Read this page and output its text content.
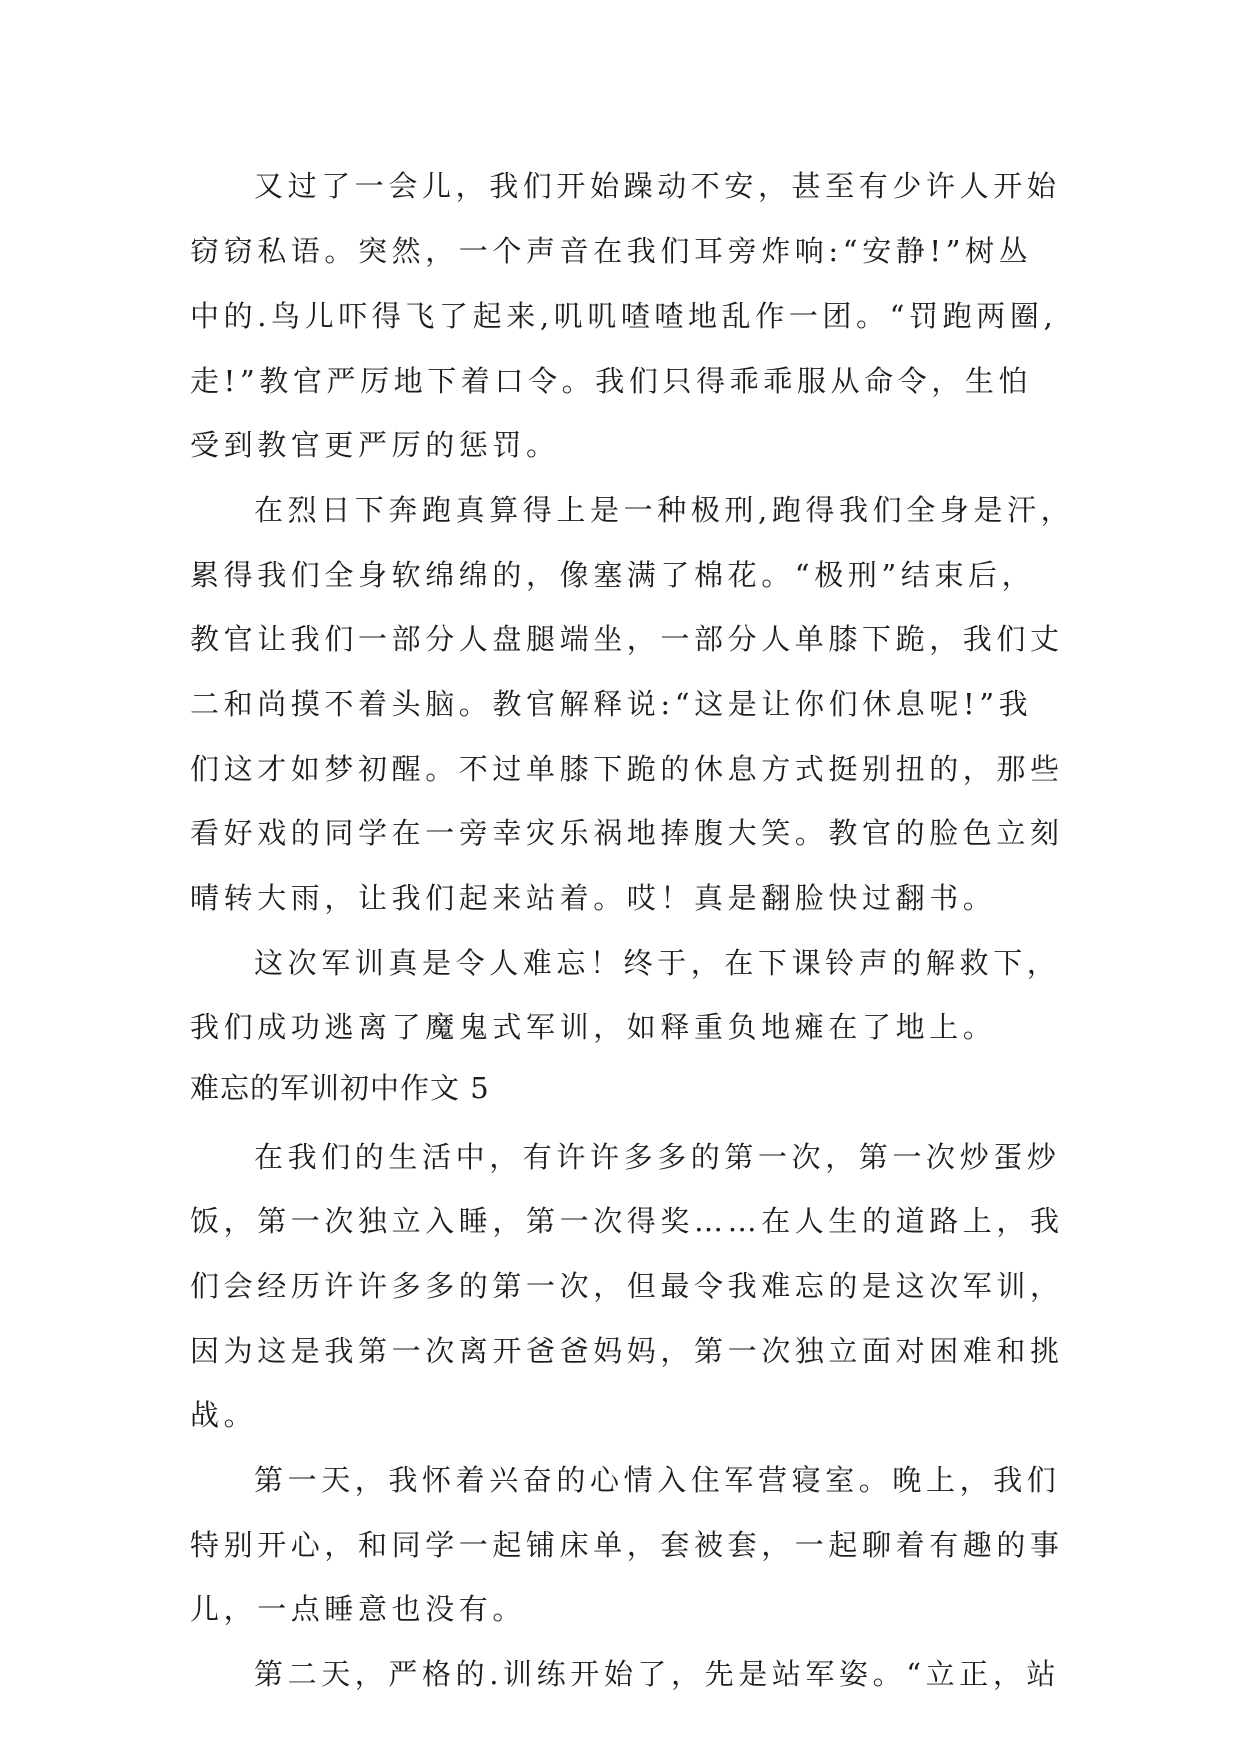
又过了一会儿，我们开始躁动不安，甚至有少许人开始
窃窃私语。突然，一个声音在我们耳旁炸响:“安静!”树丛
中的.鸟儿吓得飞了起来,叽叽喳喳地乱作一团。“罚跑两圈,
走!”教官严厉地下着口令。我们只得乖乖服从命令，生怕
受到教官更严厉的惩罚。
在烈日下奔跑真算得上是一种极刑,跑得我们全身是汗，
累得我们全身软绵绵的，像塞满了棉花。“极刑”结束后，
教官让我们一部分人盘腿端坐，一部分人单膝下跪，我们丈
二和尚摸不着头脑。教官解释说:“这是让你们休息呢!”我
们这才如梦初醒。不过单膝下跪的休息方式挺别扭的，那些
看好戏的同学在一旁幸灾乐祸地捧腹大笑。教官的脸色立刻
晴转大雨，让我们起来站着。哎！真是翻脸快过翻书。
这次军训真是令人难忘！终于，在下课铃声的解救下，
我们成功逃离了魔鬼式军训，如释重负地瘫在了地上。
难忘的军训初中作文 5
在我们的生活中，有许许多多的第一次，第一次炒蛋炒
饭，第一次独立入睡，第一次得奖……在人生的道路上，我
们会经历许许多多的第一次，但最令我难忘的是这次军训，
因为这是我第一次离开爸爸妈妈，第一次独立面对困难和挑
战。
第一天，我怀着兴奋的心情入住军营寝室。晚上，我们
特别开心，和同学一起铺床单，套被套，一起聊着有趣的事
儿，一点睡意也没有。
第二天，严格的.训练开始了，先是站军姿。“立正，站
